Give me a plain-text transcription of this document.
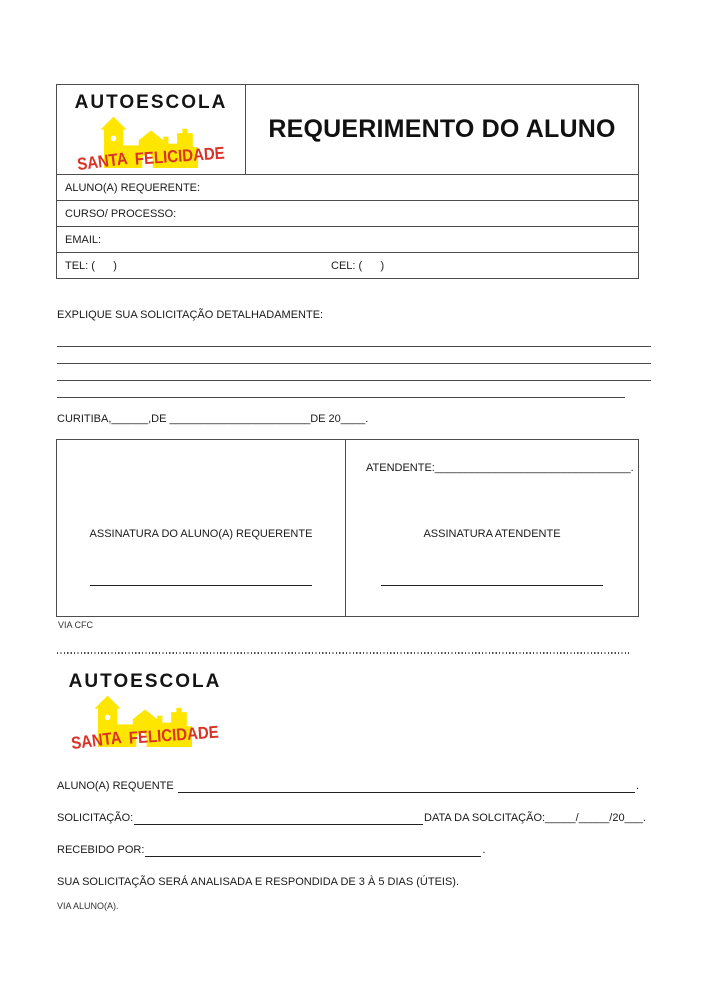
AUTOESCOLA
SANTA FELICIDADE
REQUERIMENTO DO ALUNO
ALUNO(A) REQUERENTE:
CURSO/ PROCESSO:
EMAIL:
TEL: (      )	CEL: (      )
EXPLIQUE SUA SOLICITAÇÃO DETALHADAMENTE:
CURITIBA,______,DE _______________________DE 20____.
ASSINATURA DO ALUNO(A) REQUERENTE
ATENDENTE:________________________________.
ASSINATURA ATENDENTE
VIA CFC
AUTOESCOLA
SANTA FELICIDADE
ALUNO(A) REQUENTE	.
SOLICITAÇÃO:	DATA DA SOLCITAÇÃO:_____/_____/20___.
RECEBIDO POR:	.
SUA SOLICITAÇÃO SERÁ ANALISADA E RESPONDIDA DE 3 À 5 DIAS (ÚTEIS).
VIA ALUNO(A).
